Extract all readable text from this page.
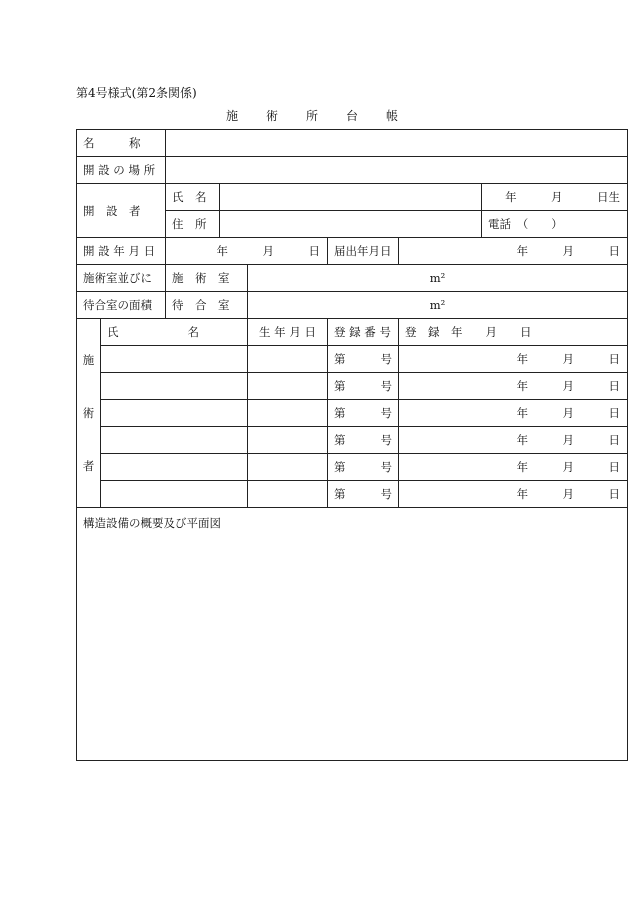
第4号様式(第2条関係)
施 術 所 台 帳
名　　　称							
開 設 の 場 所							
開　設　者		氏　名					年　　　月　　　日生
		住　所					電話　（　　）
開 設 年 月 日		年　　　月　　　日			届出年月日	年　　　月　　　日	
施術室並びに		施　術　室		m²			
待合室の面積		待　合　室		m²			

施
術
者	氏　　　　　　名			生 年 月 日	登 録 番 号	登　録　年　　月　　日	
					第 号	年　　　月　　　日	
					第 号	年　　　月　　　日	
					第 号	年　　　月　　　日	
					第 号	年　　　月　　　日	
					第 号	年　　　月　　　日	
					第 号	年　　　月　　　日	
構造設備の概要及び平面図							
